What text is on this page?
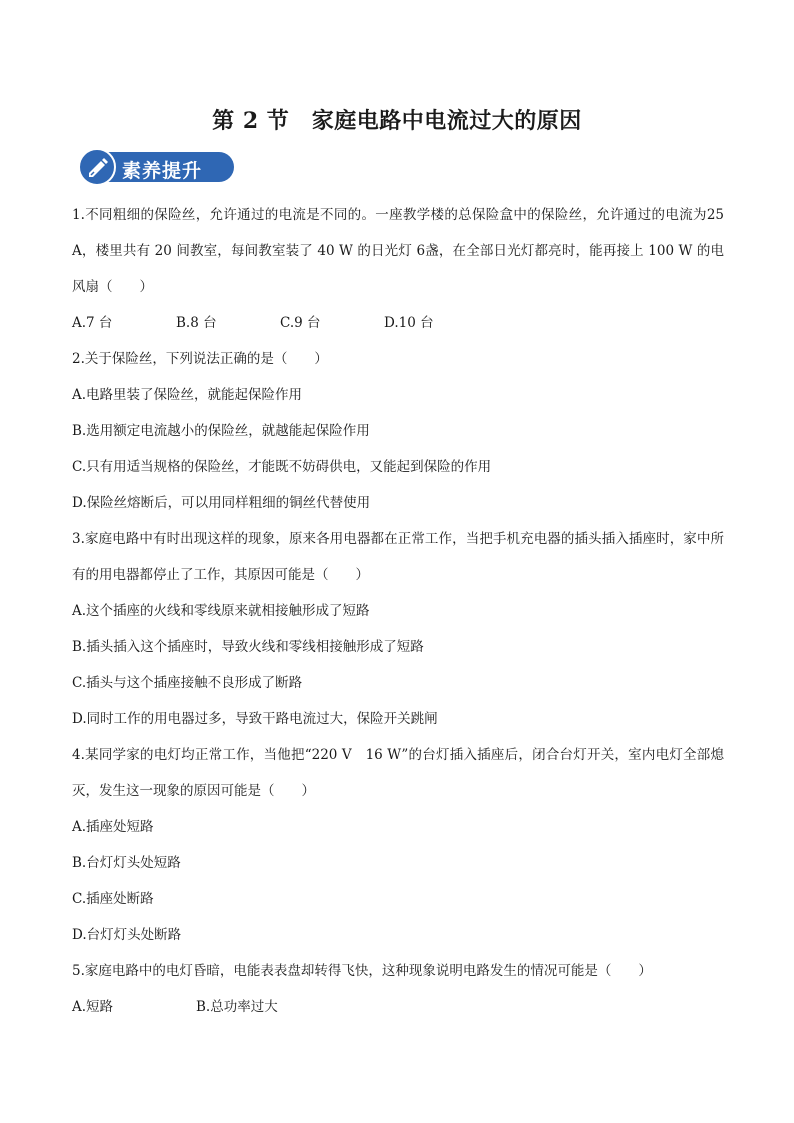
第 2 节　家庭电路中电流过大的原因
素养提升
1.不同粗细的保险丝，允许通过的电流是不同的。一座教学楼的总保险盒中的保险丝，允许通过的电流为25 A，楼里共有 20 间教室，每间教室装了 40 W 的日光灯 6盏，在全部日光灯都亮时，能再接上 100 W 的电风扇（　　）
A.7 台	B.8 台	C.9 台	D.10 台
2.关于保险丝，下列说法正确的是（　　）
A.电路里装了保险丝，就能起保险作用
B.选用额定电流越小的保险丝，就越能起保险作用
C.只有用适当规格的保险丝，才能既不妨碍供电，又能起到保险的作用
D.保险丝熔断后，可以用同样粗细的铜丝代替使用
3.家庭电路中有时出现这样的现象，原来各用电器都在正常工作，当把手机充电器的插头插入插座时，家中所有的用电器都停止了工作，其原因可能是（　　）
A.这个插座的火线和零线原来就相接触形成了短路
B.插头插入这个插座时，导致火线和零线相接触形成了短路
C.插头与这个插座接触不良形成了断路
D.同时工作的用电器过多，导致干路电流过大，保险开关跳闸
4.某同学家的电灯均正常工作，当他把“220 V　16 W”的台灯插入插座后，闭合台灯开关，室内电灯全部熄灭，发生这一现象的原因可能是（　　）
A.插座处短路
B.台灯灯头处短路
C.插座处断路
D.台灯灯头处断路
5.家庭电路中的电灯昏暗，电能表表盘却转得飞快，这种现象说明电路发生的情况可能是（　　）
A.短路	B.总功率过大
